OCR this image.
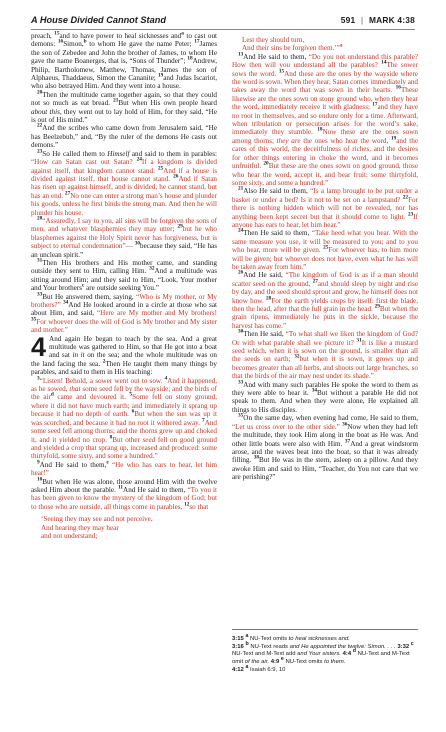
A House Divided Cannot Stand	591 | MARK 4:38

preach, $^{15}$and to have power to heal sicknesses and$^a$ to cast out demons: $^{16}$Simon,$^b$ to whom He gave the name Peter; $^{17}$James the son of Zebedee and John the brother of James, to whom He gave the name Boanerges, that is, “Sons of Thunder”; $^{18}$Andrew, Philip, Bartholomew, Matthew, Thomas, James the son of Alphaeus, Thaddaeus, Simon the Cananite; $^{19}$and Judas Iscariot, who also betrayed Him. And they went into a house.

$^{20}$Then the multitude came together again, so that they could not so much as eat bread. $^{21}$But when His own people heard about this, they went out to lay hold of Him, for they said, “He is out of His mind.”

$^{22}$And the scribes who came down from Jerusalem said, “He has Beelzebub,” and, “By the ruler of the demons He casts out demons.”

$^{23}$So He called them to Himself and said to them in parables: “How can Satan cast out Satan? $^{24}$If a kingdom is divided against itself, that kingdom cannot stand. $^{25}$And if a house is divided against itself, that house cannot stand. $^{26}$And if Satan has risen up against himself, and is divided, he cannot stand, but has an end. $^{27}$No one can enter a strong man’s house and plunder his goods, unless he first binds the strong man. And then he will plunder his house.

$^{28}$“Assuredly, I say to you, all sins will be forgiven the sons of men, and whatever blasphemies they may utter; $^{29}$but he who blasphemes against the Holy Spirit never has forgiveness, but is subject to eternal condemnation”— $^{30}$because they said, “He has an unclean spirit.”

$^{31}$Then His brothers and His mother came, and standing outside they sent to Him, calling Him. $^{32}$And a multitude was sitting around Him; and they said to Him, “Look, Your mother and Your brothers$^c$ are outside seeking You.”

$^{33}$But He answered them, saying, “Who is My mother, or My brothers?” $^{34}$And He looked around in a circle at those who sat about Him, and said, “Here are My mother and My brothers! $^{35}$For whoever does the will of God is My brother and My sister and mother.”

4 And again He began to teach by the sea. And a great multitude was gathered to Him, so that He got into a boat and sat in it on the sea; and the whole multitude was on the land facing the sea. $^2$Then He taught them many things by parables, and said to them in His teaching:

$^3$“Listen! Behold, a sower went out to sow. $^4$And it happened, as he sowed, that some seed fell by the wayside; and the birds of the air$^d$ came and devoured it. $^5$Some fell on stony ground, where it did not have much earth; and immediately it sprang up because it had no depth of earth. $^6$But when the sun was up it was scorched, and because it had no root it withered away. $^7$And some seed fell among thorns; and the thorns grew up and choked it, and it yielded no crop. $^8$But other seed fell on good ground and yielded a crop that sprang up, increased and produced: some thirtyfold, some sixty, and some a hundred.”

$^9$And He said to them,$^e$ “He who has ears to hear, let him hear!”

$^{10}$But when He was alone, those around Him with the twelve asked Him about the parable. $^{11}$And He said to them, “To you it has been given to know the mystery of the kingdom of God; but to those who are outside, all things come in parables, $^{12}$so that

‘Seeing they may see and not perceive,
And hearing they may hear
and not understand;

Lest they should turn,
And their sins be forgiven them.’”$^a$

$^{13}$And He said to them, “Do you not understand this parable? How then will you understand all the parables? $^{14}$The sower sows the word. $^{15}$And these are the ones by the wayside where the word is sown. When they hear, Satan comes immediately and takes away the word that was sown in their hearts. $^{16}$These likewise are the ones sown on stony ground who, when they hear the word, immediately receive it with gladness; $^{17}$and they have no root in themselves, and so endure only for a time. Afterward, when tribulation or persecution arises for the word’s sake, immediately they stumble. $^{18}$Now these are the ones sown among thorns; they are the ones who hear the word, $^{19}$and the cares of this world, the deceitfulness of riches, and the desires for other things entering in choke the word, and it becomes unfruitful. $^{20}$But these are the ones sown on good ground, those who hear the word, accept it, and bear fruit: some thirtyfold, some sixty, and some a hundred.”

$^{21}$Also He said to them, “Is a lamp brought to be put under a basket or under a bed? Is it not to be set on a lampstand? $^{22}$For there is nothing hidden which will not be revealed, nor has anything been kept secret but that it should come to light. $^{23}$If anyone has ears to hear, let him hear.”

$^{24}$Then He said to them, “Take heed what you hear. With the same measure you use, it will be measured to you; and to you who hear, more will be given. $^{25}$For whoever has, to him more will be given; but whoever does not have, even what he has will be taken away from him.”

$^{26}$And He said, “The kingdom of God is as if a man should scatter seed on the ground, $^{27}$and should sleep by night and rise by day, and the seed should sprout and grow, he himself does not know how. $^{28}$For the earth yields crops by itself: first the blade, then the head, after that the full grain in the head. $^{29}$But when the grain ripens, immediately he puts in the sickle, because the harvest has come.”

$^{30}$Then He said, “To what shall we liken the kingdom of God? Or with what parable shall we picture it? $^{31}$It is like a mustard seed which, when it is sown on the ground, is smaller than all the seeds on earth; $^{32}$but when it is sown, it grows up and becomes greater than all herbs, and shoots out large branches, so that the birds of the air may nest under its shade.”

$^{33}$And with many such parables He spoke the word to them as they were able to hear it. $^{34}$But without a parable He did not speak to them. And when they were alone, He explained all things to His disciples.

$^{35}$On the same day, when evening had come, He said to them, “Let us cross over to the other side.” $^{36}$Now when they had left the multitude, they took Him along in the boat as He was. And other little boats were also with Him. $^{37}$And a great windstorm arose, and the waves beat into the boat, so that it was already filling. $^{38}$But He was in the stern, asleep on a pillow. And they awoke Him and said to Him, “Teacher, do You not care that we are perishing?”

3:15 a NU-Text omits to heal sicknesses and.
3:16 b NU-Text reads and He appointed the twelve: Simon. . . . 3:32 c NU-Text and M-Text add and Your sisters. 4:4 d NU-Text and M-Text omit of the air. 4:9 e NU-Text omits to them.
4:12 a Isaiah 6:9, 10
